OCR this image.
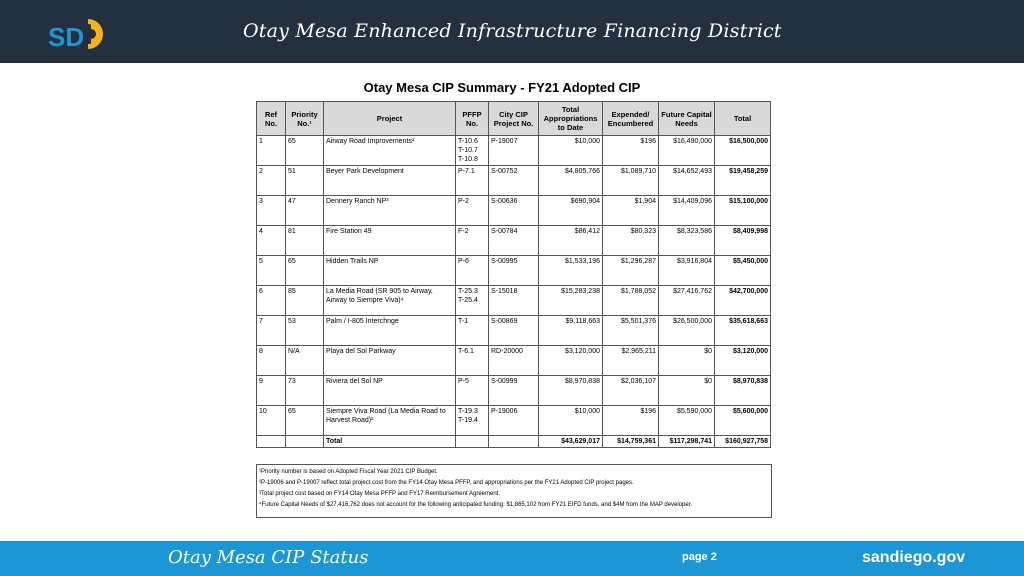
SD	Otay Mesa Enhanced Infrastructure Financing District
Otay Mesa CIP Summary - FY21 Adopted CIP
Ref No.	Priority No.¹	Project	PFFP No.	City CIP Project No.	Total Appropriations to Date	Expended/ Encumbered	Future Capital Needs	Total
1	65	Airway Road Improvements²	T-10.6
T-10.7
T-10.8	P-19007	$10,000	$196	$16,490,000	$16,500,000
2	51	Beyer Park Development	P-7.1	S-00752	$4,805,766	$1,089,710	$14,652,493	$19,458,259
3	47	Dennery Ranch NP³	P-2	S-00636	$690,904	$1,904	$14,409,096	$15,100,000
4	81	Fire Station 49	F-2	S-00784	$86,412	$80,323	$8,323,586	$8,409,998
5	65	Hidden Trails NP	P-6	S-00995	$1,533,196	$1,296,287	$3,916,804	$5,450,000
6	85	La Media Road (SR 905 to Airway, Airway to Siempre Viva)⁴	T-25.3
T-25.4	S-15018	$15,283,238	$1,788,052	$27,416,762	$42,700,000
7	53	Palm / I-805 Interchnge	T-1	S-00869	$9,118,663	$5,501,376	$26,500,000	$35,618,663
8	N/A	Playa del Sol Parkway	T-6.1	RD-20000	$3,120,000	$2,965,211	$0	$3,120,000
9	73	Riviera del Sol NP	P-5	S-00999	$8,970,838	$2,036,107	$0	$8,970,838
10	65	Siempre Viva Road (La Media Road to Harvest Road)²	T-19.3
T-19.4	P-19006	$10,000	$196	$5,590,000	$5,600,000
		Total			$43,629,017	$14,759,361	$117,298,741	$160,927,758
¹Priority number is based on Adopted Fiscal Year 2021 CIP Budget.
²P-19006 and P-19007 reflect total project cost from the FY14 Otay Mesa PFFP, and appropriations per the FY21 Adopted CIP project pages.
³Total project cost based on FY14 Otay Mesa PFFP and FY17 Reimbursement Agreement.
⁴Future Capital Needs of $27,416,762 does not account for the following anticipated funding: $1,865,102 from FY21 EIFD funds, and $4M from the MAP developer.
Otay Mesa CIP Status	page 2	sandiego.gov
